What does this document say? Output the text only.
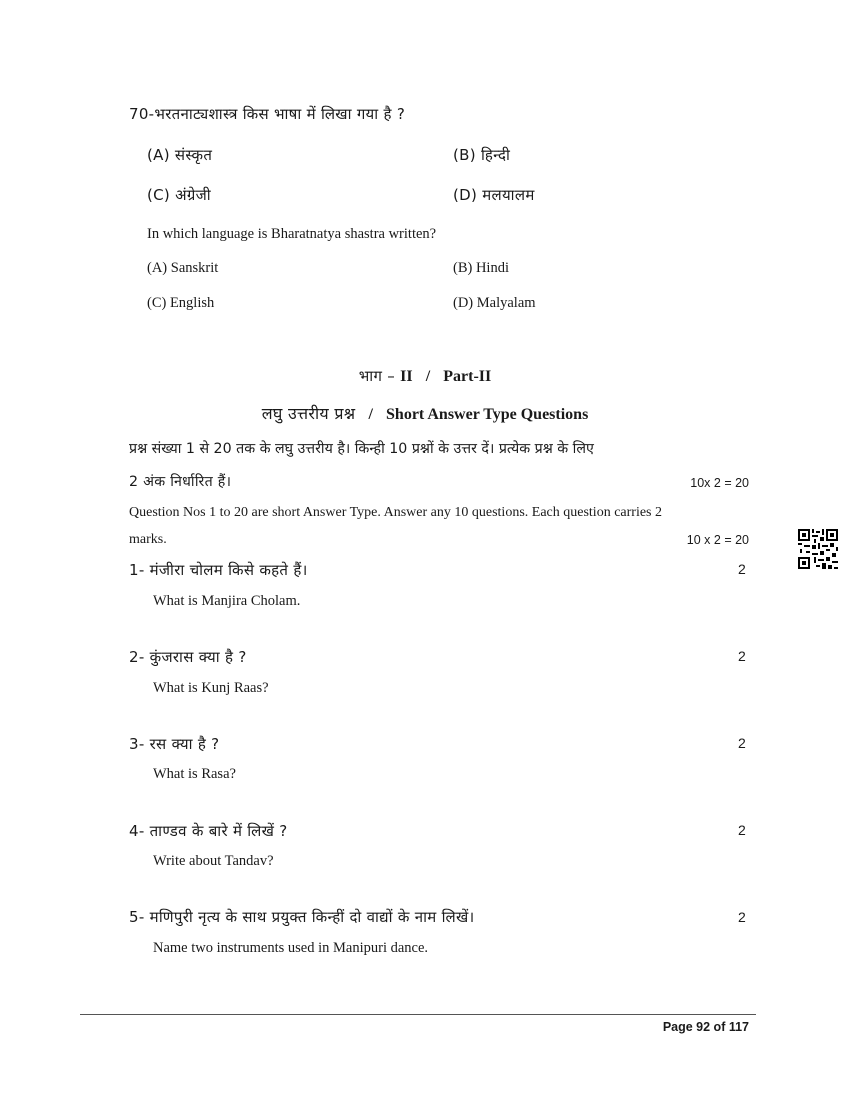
70-भरतनाट्यशास्त्र किस भाषा में लिखा गया है ?
(A) संस्कृत	(B) हिन्दी
(C) अंग्रेजी	(D) मलयालम
In which language is Bharatnatya shastra written?
(A) Sanskrit	(B) Hindi
(C) English	(D) Malyalam
भाग – II / Part-II
लघु उत्तरीय प्रश्न / Short Answer Type Questions
प्रश्न संख्या 1 से 20 तक के लघु उत्तरीय है। किन्ही 10 प्रश्नों के उत्तर दें। प्रत्येक प्रश्न के लिए
2 अंक निर्धारित हैं।	10x 2 = 20
Question Nos 1 to 20 are short Answer Type. Answer any 10 questions. Each question carries 2
marks.	10 x 2 = 20
1- मंजीरा चोलम किसे कहते हैं।	2
What is Manjira Cholam.
2- कुंजरास क्या है ?	2
What is Kunj Raas?
3- रस क्या है ?	2
What is Rasa?
4- ताण्डव के बारे में लिखें ?	2
Write about Tandav?
5- मणिपुरी नृत्य के साथ प्रयुक्त किन्हीं दो वाद्यों के नाम लिखें।	2
Name two instruments used in Manipuri dance.
Page 92 of 117
